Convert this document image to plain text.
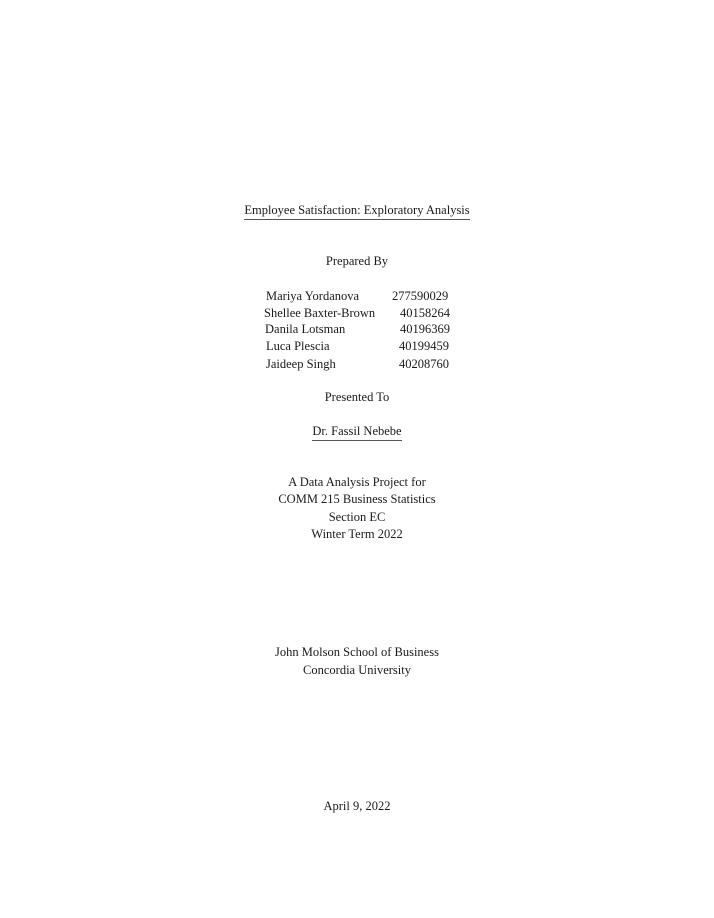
Employee Satisfaction: Exploratory Analysis
Prepared By
Mariya Yordanova	277590029
Shellee Baxter-Brown 40158264
Danila Lotsman	40196369
Luca Plescia	40199459
Jaideep Singh	40208760
Presented To
Dr. Fassil Nebebe
A Data Analysis Project for
COMM 215 Business Statistics
Section EC
Winter Term 2022
John Molson School of Business
Concordia University
April 9, 2022
